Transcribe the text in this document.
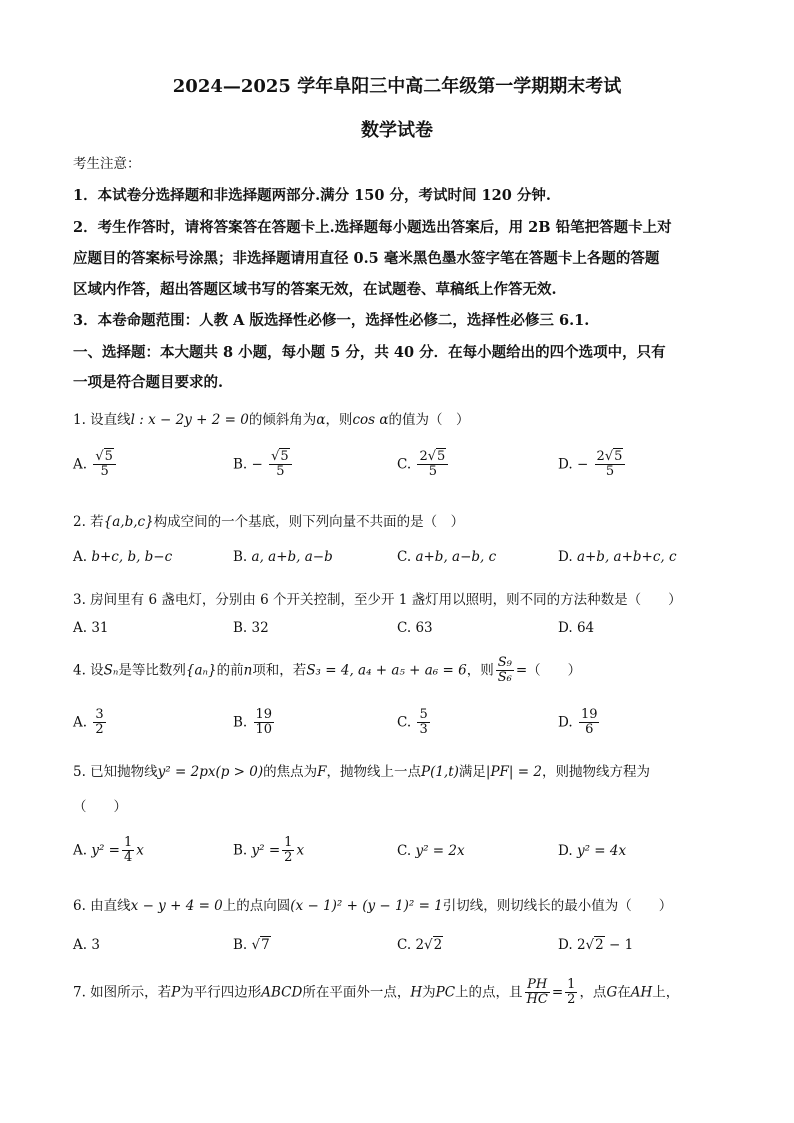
2024—2025 学年阜阳三中高二年级第一学期期末考试
数学试卷
考生注意：
1．本试卷分选择题和非选择题两部分.满分 150 分，考试时间 120 分钟.
2．考生作答时，请将答案答在答题卡上.选择题每小题选出答案后，用 2B 铅笔把答题卡上对
应题目的答案标号涂黑；非选择题请用直径 0.5 毫米黑色墨水签字笔在答题卡上各题的答题
区域内作答，超出答题区域书写的答案无效，在试题卷、草稿纸上作答无效.
3．本卷命题范围：人教 A 版选择性必修一，选择性必修二，选择性必修三 6.1.
一、选择题：本大题共 8 小题，每小题 5 分，共 40 分．在每小题给出的四个选项中，只有
一项是符合题目要求的.
1. 设直线l : x − 2y + 2 = 0的倾斜角为α，则cos α的值为（　）
A. $\frac{√5}{5}$	B. − $\frac{√5}{5}$	C. $\frac{2√5}{5}$	D. − $\frac{2√5}{5}$
2. 若{a,b,c}构成空间的一个基底，则下列向量不共面的是（　）
A. b+c, b, b−c	B. a, a+b, a−b	C. a+b, a−b, c	D. a+b, a+b+c, c
3. 房间里有 6 盏电灯，分别由 6 个开关控制，至少开 1 盏灯用以照明，则不同的方法种数是（　　）
A. 31	B. 32	C. 63	D. 64
4. 设Sₙ是等比数列{aₙ}的前n项和，若S₃ = 4, a₄ + a₅ + a₆ = 6，则 $\frac{\text{S₉}}{\text{S₆}}$ =（　　）
A. $\frac{3}{2}$	B. $\frac{19}{10}$	C. $\frac{5}{3}$	D. $\frac{19}{6}$
5. 已知抛物线y² = 2px(p > 0)的焦点为F，抛物线上一点P(1,t)满足|PF| = 2，则抛物线方程为
（　　）
A. $y^2 = \frac{1}{4}$ x	B. $y^2 = \frac{1}{2}$ x	C. y² = 2x	D. y² = 4x
6. 由直线x − y + 4 = 0上的点向圆(x − 1)² + (y − 1)² = 1引切线，则切线长的最小值为（　　）
A. 3	B. √7	C. 2√2	D. 2√2 − 1
7. 如图所示，若P为平行四边形ABCD所在平面外一点，H为PC上的点，且 $\frac{PH}{HC} = \frac{1}{2}$ ，点G在AH上，
